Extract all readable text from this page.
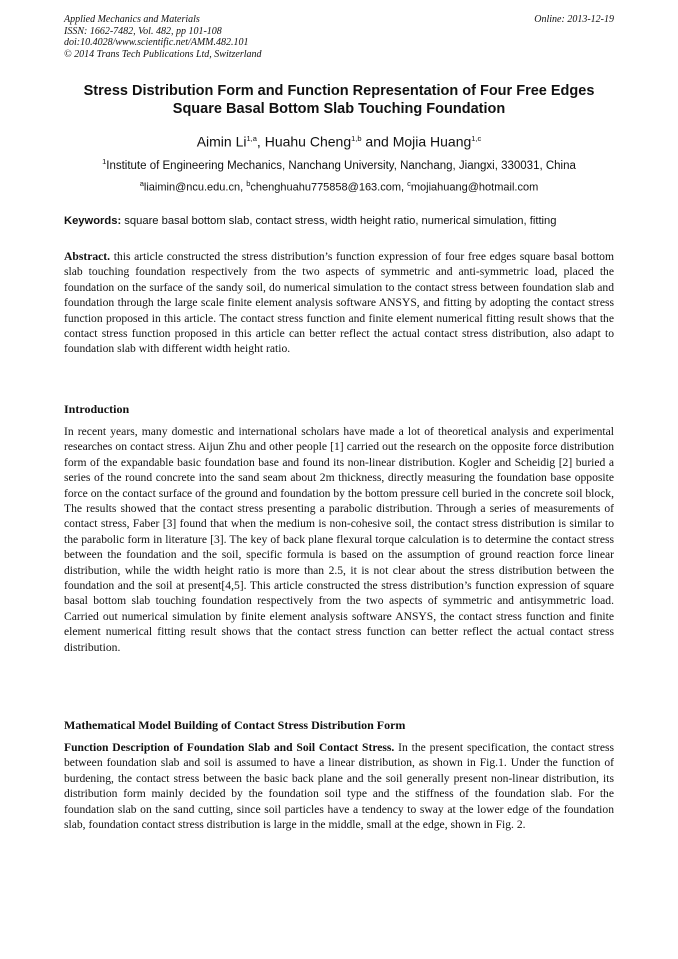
Applied Mechanics and Materials
ISSN: 1662-7482, Vol. 482, pp 101-108
doi:10.4028/www.scientific.net/AMM.482.101
© 2014 Trans Tech Publications Ltd, Switzerland
Online: 2013-12-19
Stress Distribution Form and Function Representation of Four Free Edges Square Basal Bottom Slab Touching Foundation
Aimin Li$^{1,a}$, Huahu Cheng$^{1,b}$ and Mojia Huang$^{1,c}$
$^1$Institute of Engineering Mechanics, Nanchang University, Nanchang, Jiangxi, 330031, China
$^a$liaimin@ncu.edu.cn, $^b$chenghuahu775858@163.com, $^c$mojiahuang@hotmail.com
Keywords: square basal bottom slab, contact stress, width height ratio, numerical simulation, fitting
Abstract. this article constructed the stress distribution’s function expression of four free edges square basal bottom slab touching foundation respectively from the two aspects of symmetric and anti-symmetric load, placed the foundation on the surface of the sandy soil, do numerical simulation to the contact stress between foundation slab and foundation through the large scale finite element analysis software ANSYS, and fitting by adopting the contact stress function proposed in this article. The contact stress function and finite element numerical fitting result shows that the contact stress function proposed in this article can better reflect the actual contact stress distribution, also adapt to foundation slab with different width height ratio.
Introduction
In recent years, many domestic and international scholars have made a lot of theoretical analysis and experimental researches on contact stress. Aijun Zhu and other people [1] carried out the research on the opposite force distribution form of the expandable basic foundation base and found its non-linear distribution. Kogler and Scheidig [2] buried a series of the round concrete into the sand seam about 2m thickness, directly measuring the foundation base opposite force on the contact surface of the ground and foundation by the bottom pressure cell buried in the concrete soil block, The results showed that the contact stress presenting a parabolic distribution. Through a series of measurements of contact stress, Faber [3] found that when the medium is non-cohesive soil, the contact stress distribution is similar to the parabolic form in literature [3]. The key of back plane flexural torque calculation is to determine the contact stress between the foundation and the soil, specific formula is based on the assumption of ground reaction force linear distribution, while the width height ratio is more than 2.5, it is not clear about the stress distribution between the foundation and the soil at present[4,5]. This article constructed the stress distribution’s function expression of square basal bottom slab touching foundation respectively from the two aspects of symmetric and antisymmetric load. Carried out numerical simulation by finite element analysis software ANSYS, the contact stress function and finite element numerical fitting result shows that the contact stress function can better reflect the actual contact stress distribution.
Mathematical Model Building of Contact Stress Distribution Form
Function Description of Foundation Slab and Soil Contact Stress. In the present specification, the contact stress between foundation slab and soil is assumed to have a linear distribution, as shown in Fig.1. Under the function of burdening, the contact stress between the basic back plane and the soil generally present non-linear distribution, its distribution form mainly decided by the foundation soil type and the stiffness of the foundation slab. For the foundation slab on the sand cutting, since soil particles have a tendency to sway at the lower edge of the foundation slab, foundation contact stress distribution is large in the middle, small at the edge, shown in Fig. 2.
